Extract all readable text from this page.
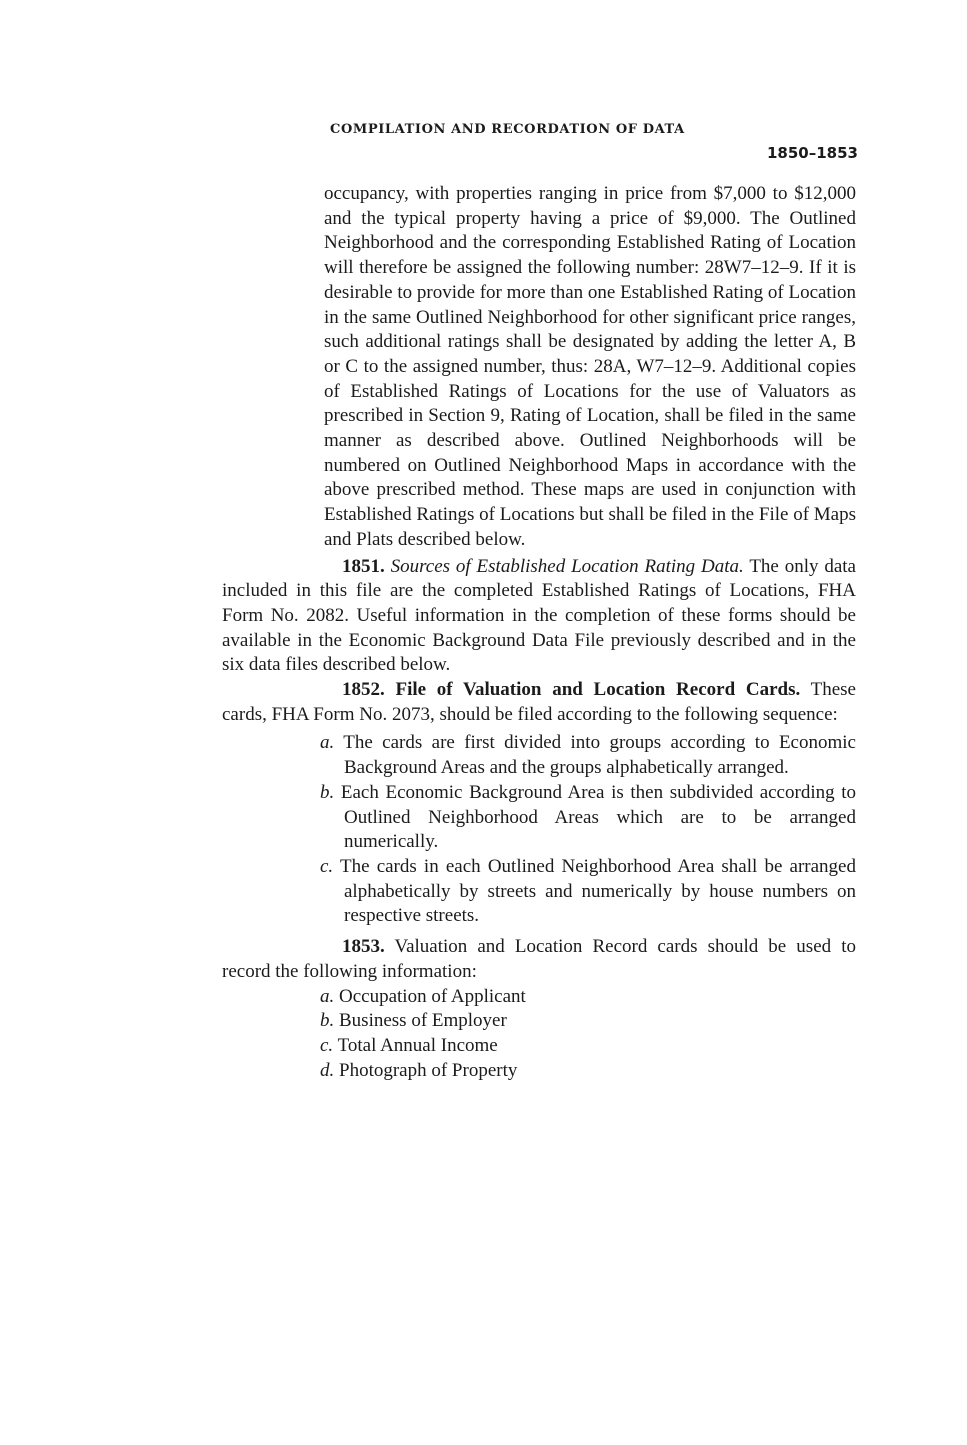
COMPILATION AND RECORDATION OF DATA
1850–1853

occupancy, with properties ranging in price from $7,000 to $12,000 and the typical property having a price of $9,000. The Outlined Neighborhood and the corresponding Established Rating of Location will therefore be assigned the following number: 28W7–12–9. If it is desirable to provide for more than one Established Rating of Location in the same Outlined Neighborhood for other significant price ranges, such additional ratings shall be designated by adding the letter A, B or C to the assigned number, thus: 28A, W7–12–9. Additional copies of Established Ratings of Locations for the use of Valuators as prescribed in Section 9, Rating of Location, shall be filed in the same manner as described above. Outlined Neighborhoods will be numbered on Outlined Neighborhood Maps in accordance with the above prescribed method. These maps are used in conjunction with Established Ratings of Locations but shall be filed in the File of Maps and Plats described below.

1851. Sources of Established Location Rating Data. The only data included in this file are the completed Established Ratings of Locations, FHA Form No. 2082. Useful information in the completion of these forms should be available in the Economic Background Data File previously described and in the six data files described below.

1852. File of Valuation and Location Record Cards. These cards, FHA Form No. 2073, should be filed according to the following sequence:

a. The cards are first divided into groups according to Economic Background Areas and the groups alphabetically arranged.
b. Each Economic Background Area is then subdivided according to Outlined Neighborhood Areas which are to be arranged numerically.
c. The cards in each Outlined Neighborhood Area shall be arranged alphabetically by streets and numerically by house numbers on respective streets.

1853. Valuation and Location Record cards should be used to record the following information:

a. Occupation of Applicant
b. Business of Employer
c. Total Annual Income
d. Photograph of Property
